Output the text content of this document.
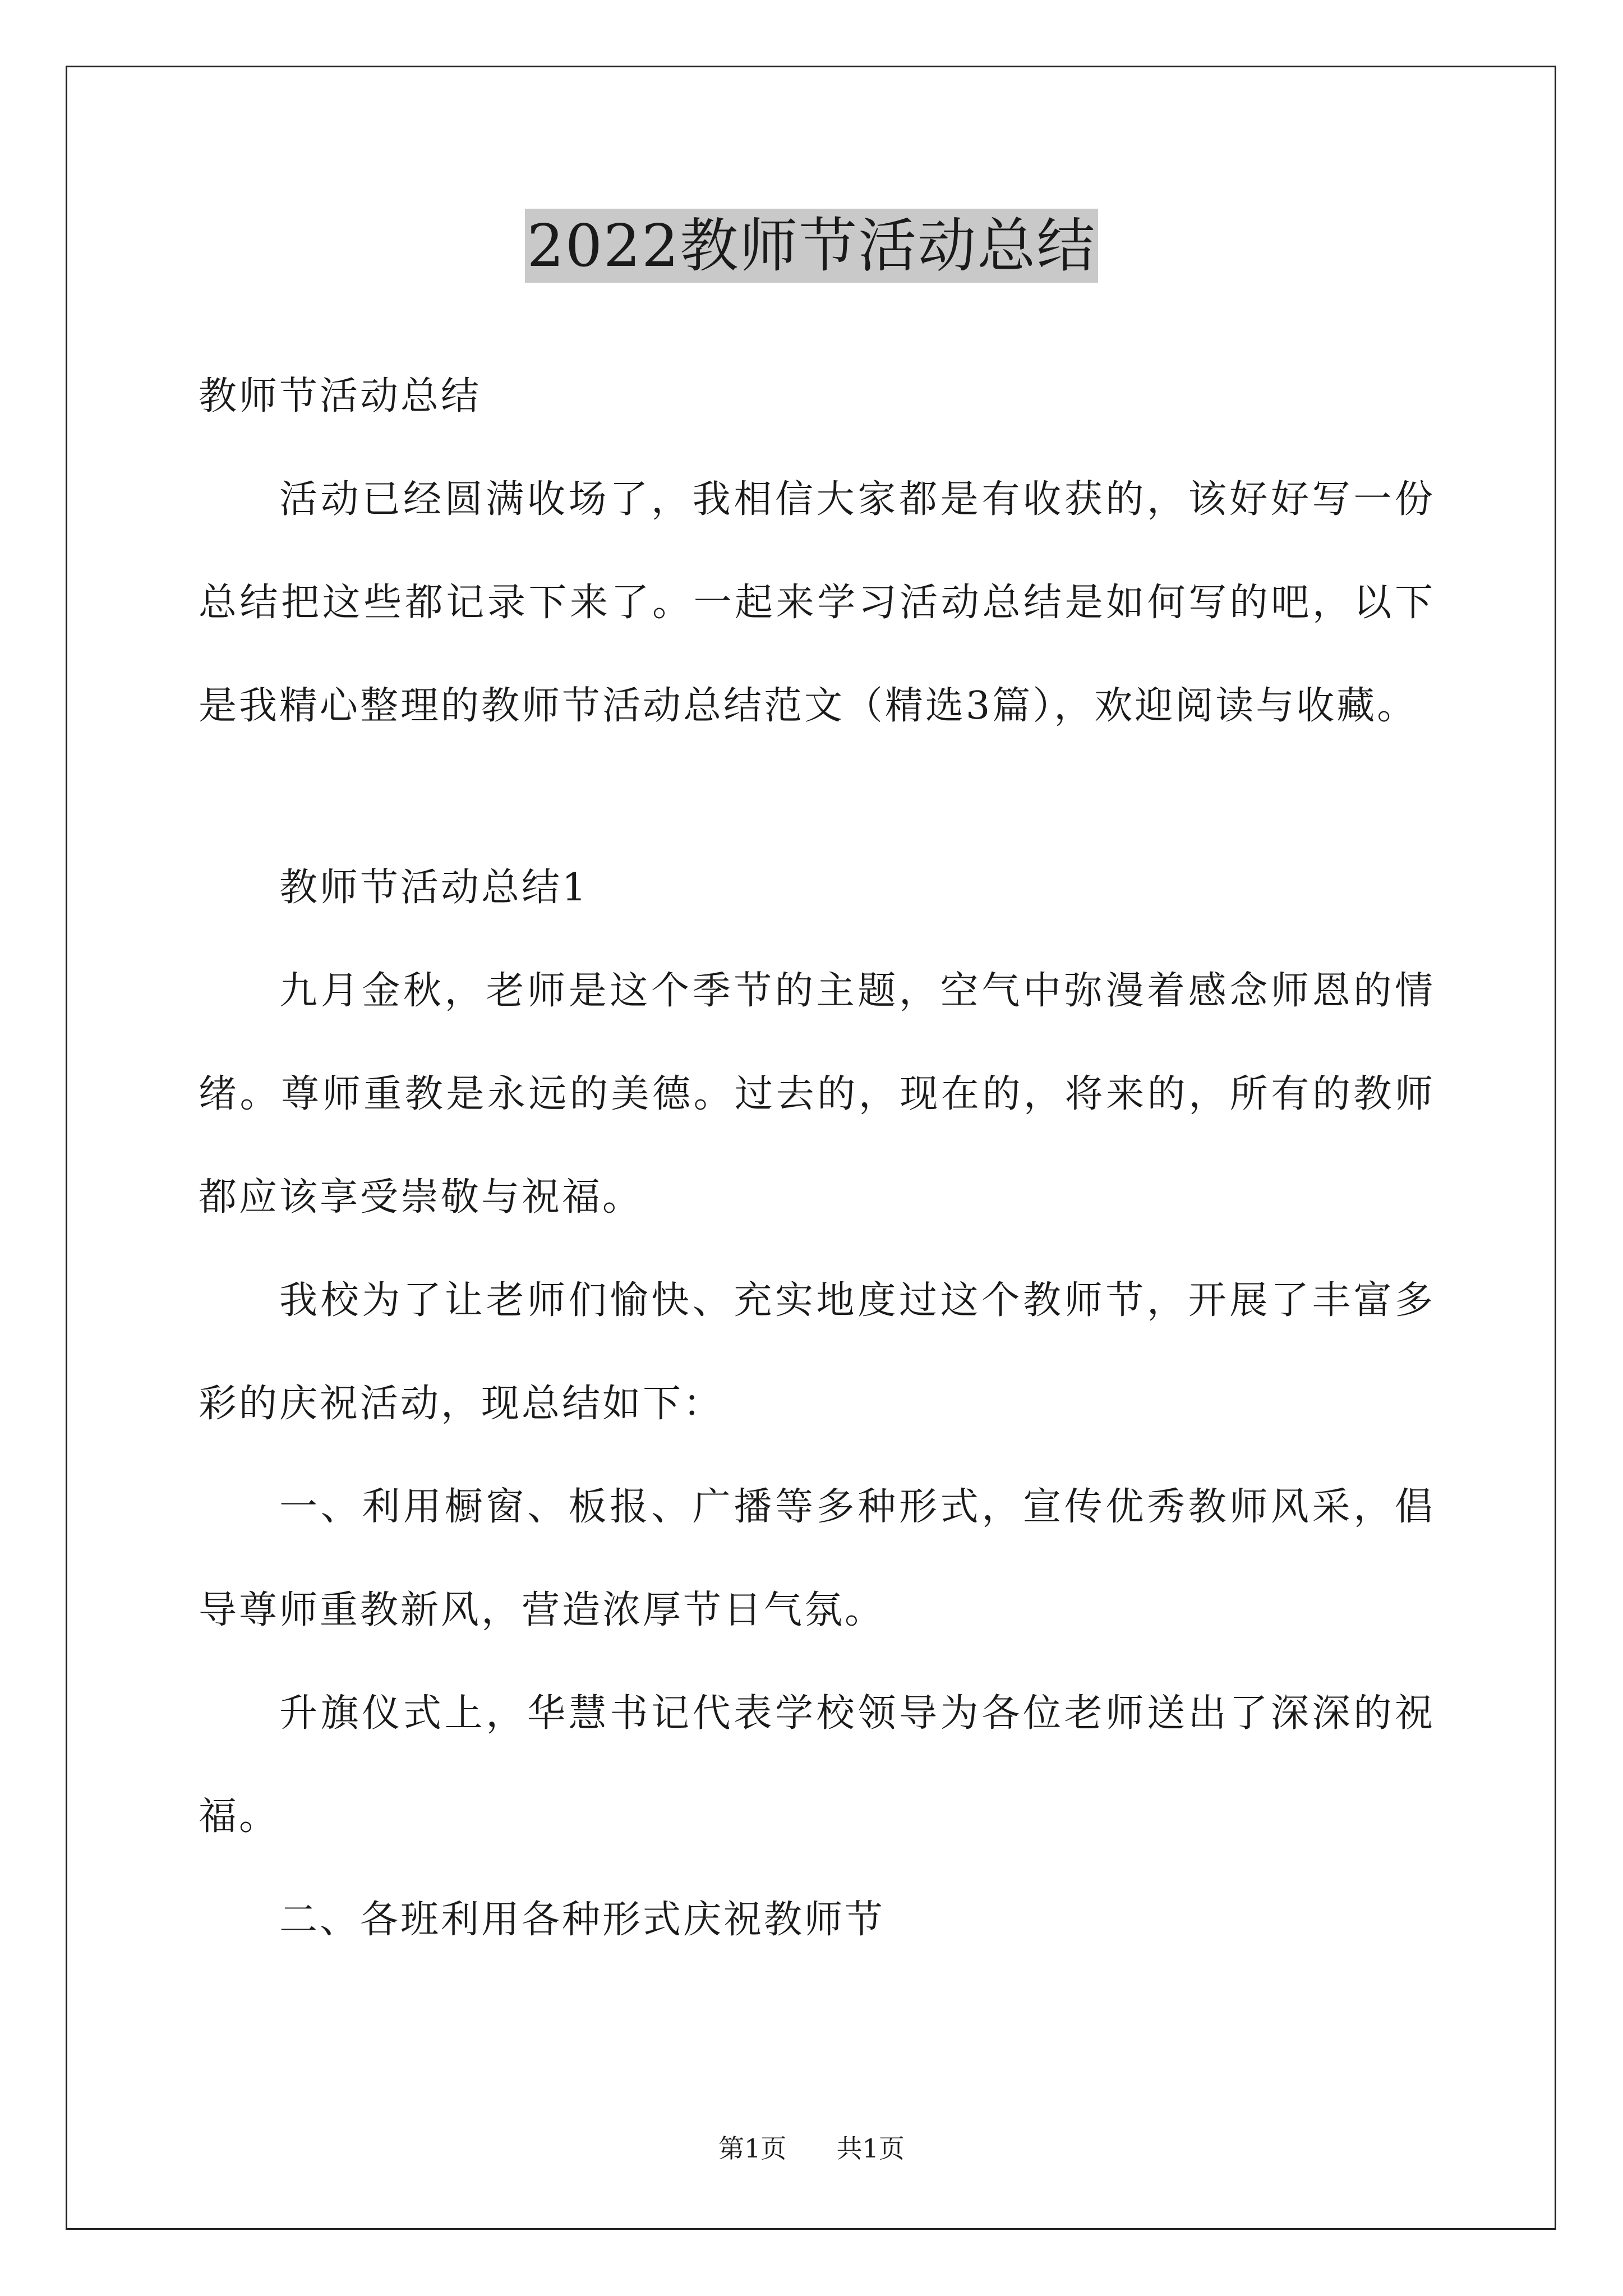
2022教师节活动总结

教师节活动总结

活动已经圆满收场了，我相信大家都是有收获的，该好好写一份总结把这些都记录下来了。一起来学习活动总结是如何写的吧，以下是我精心整理的教师节活动总结范文（精选3篇），欢迎阅读与收藏。

教师节活动总结1

九月金秋，老师是这个季节的主题，空气中弥漫着感念师恩的情绪。尊师重教是永远的美德。过去的，现在的，将来的，所有的教师都应该享受崇敬与祝福。

我校为了让老师们愉快、充实地度过这个教师节，开展了丰富多彩的庆祝活动，现总结如下：

一、利用橱窗、板报、广播等多种形式，宣传优秀教师风采，倡导尊师重教新风，营造浓厚节日气氛。

升旗仪式上，华慧书记代表学校领导为各位老师送出了深深的祝福。

二、各班利用各种形式庆祝教师节

第1页 共1页
